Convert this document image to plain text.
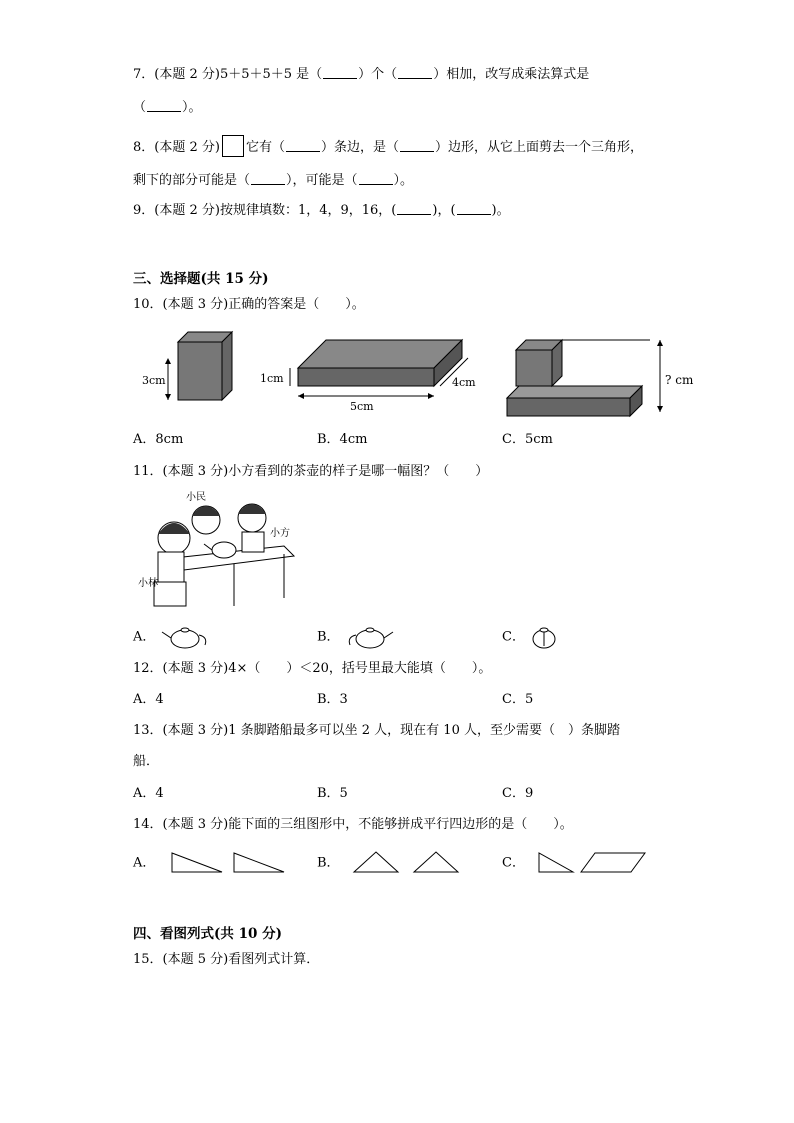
7．(本题 2 分)5＋5＋5＋5 是（	）个（	）相加，改写成乘法算式是
（	）。
8．(本题 2 分) 它有（	）条边，是（	）边形，从它上面剪去一个三角形，
剩下的部分可能是（	），可能是（	）。
9．(本题 2 分)按规律填数：1，4，9，16，(	)，(	)。
三、选择题(共 15 分)
10．(本题 3 分)正确的答案是（　　）。
3cm	1cm
5cm
4cm	? cm
A．8cm	B．4cm	C．5cm
11．(本题 3 分)小方看到的茶壶的样子是哪一幅图？（　　）
小民
小方
小林
A．	B．	C．
12．(本题 3 分)4×（　　）＜20，括号里最大能填（　　）。
A．4	B．3	C．5
13．(本题 3 分)1 条脚踏船最多可以坐 2 人，现在有 10 人，至少需要（　）条脚踏
船．
A．4	B．5	C．9
14．(本题 3 分)能下面的三组图形中，不能够拼成平行四边形的是（　　）。
A．	B．	C．
四、看图列式(共 10 分)
15．(本题 5 分)看图列式计算．
